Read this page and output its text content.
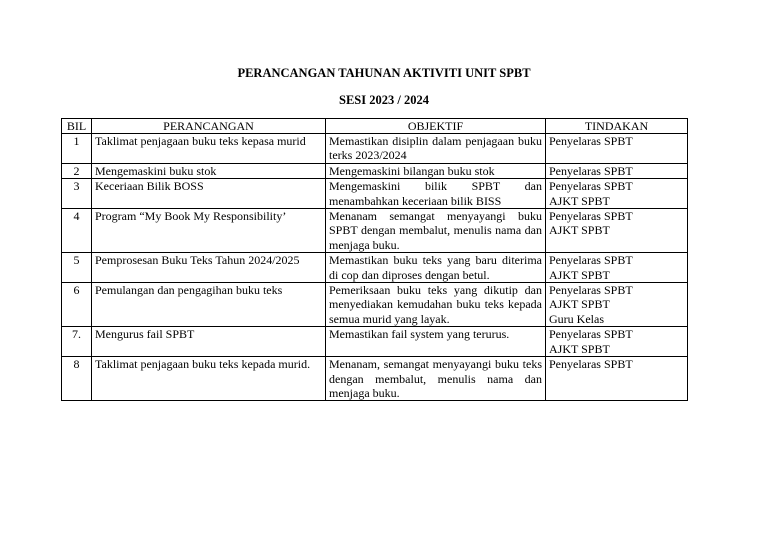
PERANCANGAN TAHUNAN AKTIVITI UNIT SPBT
SESI 2023 / 2024
BIL	PERANCANGAN	OBJEKTIF	TINDAKAN
1	Taklimat penjagaan buku teks kepasa murid	Memastikan disiplin dalam penjagaan buku terks 2023/2024	Penyelaras SPBT

2	Mengemaskini buku stok	Mengemaskini bilangan buku stok	Penyelaras SPBT

3	Keceriaan Bilik BOSS	Mengemaskini bilik SPBT dan menambahkan keceriaan bilik BISS	Penyelaras SPBT
AJKT SPBT

4	Program “My Book My Responsibility’	Menanam semangat menyayangi buku SPBT dengan membalut, menulis nama dan menjaga buku.	Penyelaras SPBT
AJKT SPBT

5	Pemprosesan Buku Teks Tahun 2024/2025	Memastikan buku teks yang baru diterima di cop dan diproses dengan betul.	Penyelaras SPBT
AJKT SPBT

6	Pemulangan dan pengagihan buku teks	Pemeriksaan buku teks yang dikutip dan menyediakan kemudahan buku teks kepada semua murid yang layak.	Penyelaras SPBT
AJKT SPBT
Guru Kelas

7.	Mengurus fail SPBT	Memastikan fail system yang terurus.	Penyelaras SPBT
AJKT SPBT

8	Taklimat penjagaan buku teks kepada murid.	Menanam, semangat menyayangi buku teks dengan membalut, menulis nama dan menjaga buku.	Penyelaras SPBT
